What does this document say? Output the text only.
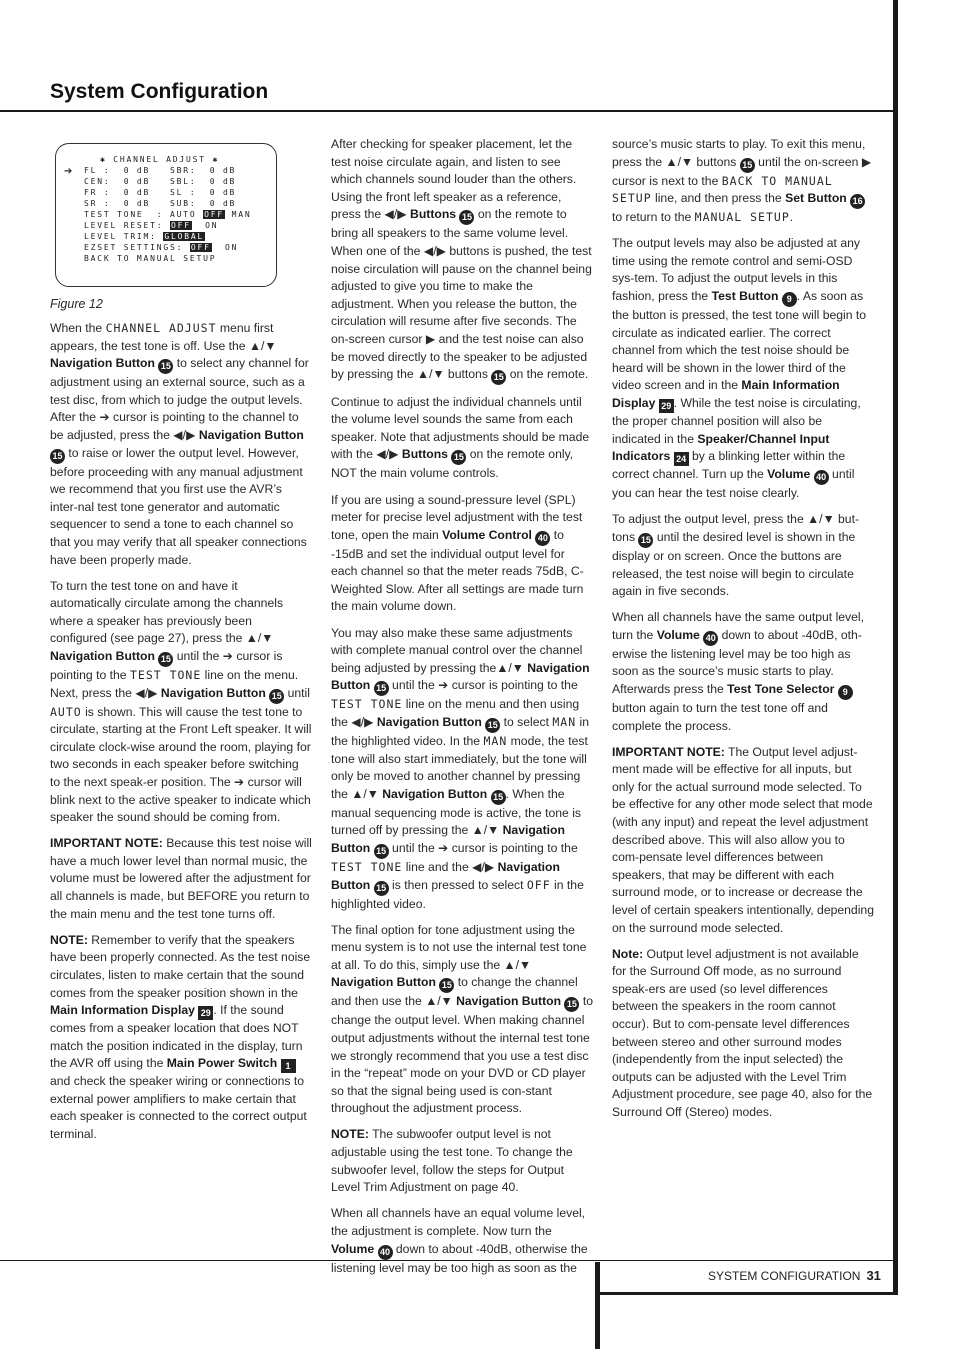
System Configuration
➔
✱ CHANNEL ADJUST ✱
FL :  0 dB   SBR:  0 dB
CEN:  0 dB   SBL:  0 dB
FR :  0 dB   SL :  0 dB
SR :  0 dB   SUB:  0 dB
TEST TONE  : AUTO OFF MAN
LEVEL RESET: OFF  ON
LEVEL TRIM: GLOBAL
EZSET SETTINGS: OFF  ON
BACK TO MANUAL SETUP
Figure 12

When the CHANNEL ADJUST menu first appears, the test tone is off. Use the ▲/▼ Navigation Button 15 to select any channel for adjustment using an external source, such as a test disc, from which to judge the output levels. After the ➔ cursor is pointing to the channel to be adjusted, press the ◀/▶ Navigation Button 15 to raise or lower the output level. However, before proceeding with any manual adjustment we recommend that you first use the AVR’s inter-nal test tone generator and automatic sequencer to send a tone to each channel so that you may verify that all speaker connections have been properly made.

To turn the test tone on and have it automatically circulate among the channels where a speaker has previously been configured (see page 27), press the ▲/▼ Navigation Button 15 until the ➔ cursor is pointing to the TEST TONE line on the menu. Next, press the ◀/▶ Navigation Button 15 until AUTO is shown. This will cause the test tone to circulate, starting at the Front Left speaker. It will circulate clock-wise around the room, playing for two seconds in each speaker before switching to the next speak-er position. The ➔ cursor will blink next to the active speaker to indicate which speaker the sound should be coming from.

IMPORTANT NOTE: Because this test noise will have a much lower level than normal music, the volume must be lowered after the adjustment for all channels is made, but BEFORE you return to the main menu and the test tone turns off.

NOTE: Remember to verify that the speakers have been properly connected. As the test noise circulates, listen to make certain that the sound comes from the speaker position shown in the Main Information Display 29 . If the sound comes from a speaker location that does NOT match the position indicated in the display, turn the AVR off using the Main Power Switch 1 and check the speaker wiring or connections to external power amplifiers to make certain that each speaker is connected to the correct output terminal.

After checking for speaker placement, let the test noise circulate again, and listen to see which channels sound louder than the others. Using the front left speaker as a reference, press the ◀/▶ Buttons 15 on the remote to bring all speakers to the same volume level. When one of the ◀/▶ buttons is pushed, the test noise circulation will pause on the channel being adjusted to give you time to make the adjustment. When you release the button, the circulation will resume after five seconds. The on-screen cursor ▶ and the test noise can also be moved directly to the speaker to be adjusted by pressing the ▲/▼ buttons 15 on the remote.

Continue to adjust the individual channels until the volume level sounds the same from each speaker. Note that adjustments should be made with the ◀/▶ Buttons 15 on the remote only, NOT the main volume controls.

If you are using a sound-pressure level (SPL) meter for precise level adjustment with the test tone, open the main Volume Control 40 to -15dB and set the individual output level for each channel so that the meter reads 75dB, C-Weighted Slow. After all settings are made turn the main volume down.

You may also make these same adjustments with complete manual control over the channel being adjusted by pressing the▲/▼ Navigation Button 15 until the ➔ cursor is pointing to the TEST TONE line on the menu and then using the ◀/▶ Navigation Button 15 to select MAN in the highlighted video. In the MAN mode, the test tone will also start immediately, but the tone will only be moved to another channel by pressing the ▲/▼ Navigation Button 15 . When the manual sequencing mode is active, the tone is turned off by pressing the ▲/▼ Navigation Button 15 until the ➔ cursor is pointing to the TEST TONE line and the ◀/▶ Navigation Button 15 is then pressed to select OFF in the highlighted video.

The final option for tone adjustment using the menu system is to not use the internal test tone at all. To do this, simply use the ▲/▼ Navigation Button 15 to change the channel and then use the ▲/▼ Navigation Button 15 to change the output level. When making channel output adjustments without the internal test tone we strongly recommend that you use a test disc in the “repeat” mode on your DVD or CD player so that the signal being used is con-stant throughout the adjustment process.

NOTE: The subwoofer output level is not adjustable using the test tone. To change the subwoofer level, follow the steps for Output Level Trim Adjustment on page 40.

When all channels have an equal volume level, the adjustment is complete. Now turn the Volume 40 down to about -40dB, otherwise the listening level may be too high as soon as the

source’s music starts to play. To exit this menu, press the ▲/▼ buttons 15 until the on-screen ▶ cursor is next to the BACK TO MANUAL SETUP line, and then press the Set Button 16 to return to the MANUAL SETUP.

The output levels may also be adjusted at any time using the remote control and semi-OSD sys-tem. To adjust the output levels in this fashion, press the Test Button 9 . As soon as the button is pressed, the test tone will begin to circulate as indicated earlier. The correct channel from which the test noise should be heard will be shown in the lower third of the video screen and in the Main Information Display 29 . While the test noise is circulating, the proper channel position will also be indicated in the Speaker/Channel Input Indicators 24 by a blinking letter within the correct channel. Turn up the Volume 40 until you can hear the test noise clearly.

To adjust the output level, press the ▲/▼ but-tons 15 until the desired level is shown in the display or on screen. Once the buttons are released, the test noise will begin to circulate again in five seconds.

When all channels have the same output level, turn the Volume 40 down to about -40dB, oth-erwise the listening level may be too high as soon as the source’s music starts to play. Afterwards press the Test Tone Selector 9 button again to turn the test tone off and complete the process.

IMPORTANT NOTE: The Output level adjust-ment made will be effective for all inputs, but only for the actual surround mode selected. To be effective for any other mode select that mode (with any input) and repeat the level adjustment described above. This will also allow you to com-pensate level differences between speakers, that may be different with each surround mode, or to increase or decrease the level of certain speakers intentionally, depending on the surround mode selected.

Note: Output level adjustment is not available for the Surround Off mode, as no surround speak-ers are used (so level differences between the speakers in the room cannot occur). But to com-pensate level differences between stereo and other surround modes (independently from the input selected) the outputs can be adjusted with the Level Trim Adjustment procedure, see page 40, also for the Surround Off (Stereo) modes.

SYSTEM CONFIGURATION 31
